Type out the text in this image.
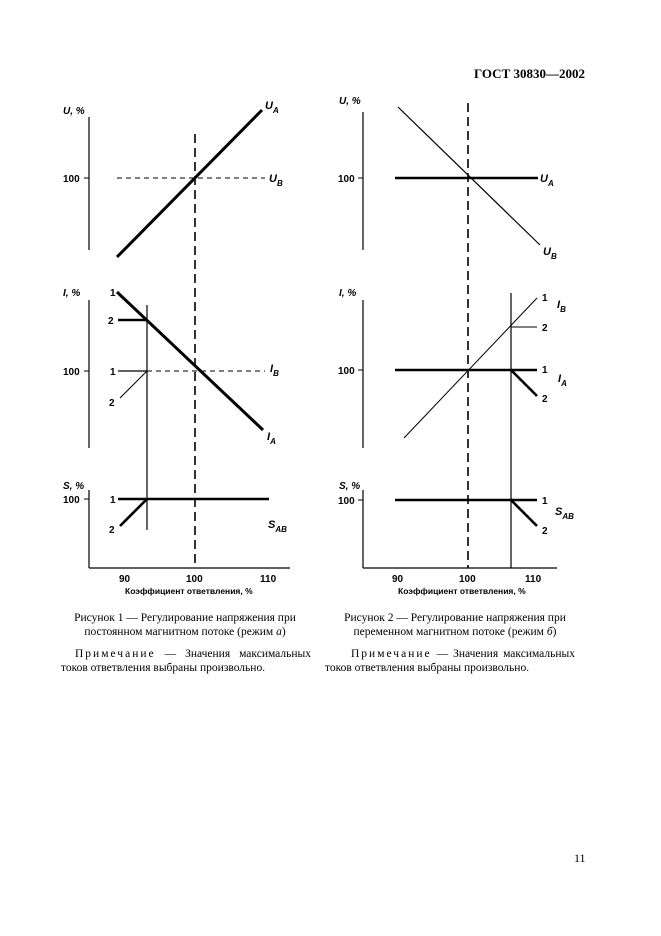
ГОСТ 30830—2002
U, %
100
I, %
100
S, %
100
$U_A$
$U_B$
$I_B$
$I_A$
$S_{AB}$
1
2
1
2
1
2
90	100	110
Коэффициент ответвления, %
U, %
100
I, %
100
S, %
100
$U_A$
$U_B$
$I_B$
$I_A$
$S_{AB}$
1
2
1
2
1
2
90	100	110
Коэффициент ответвления, %
Рисунок 1 — Регулирование напряжения при
постоянном магнитном потоке (режим а)
Рисунок 2 — Регулирование напряжения при
переменном магнитном потоке (режим б)
Примечание — Значения максимальных
токов ответвления выбраны произвольно.
Примечание — Значения максимальных
токов ответвления выбраны произвольно.
11
